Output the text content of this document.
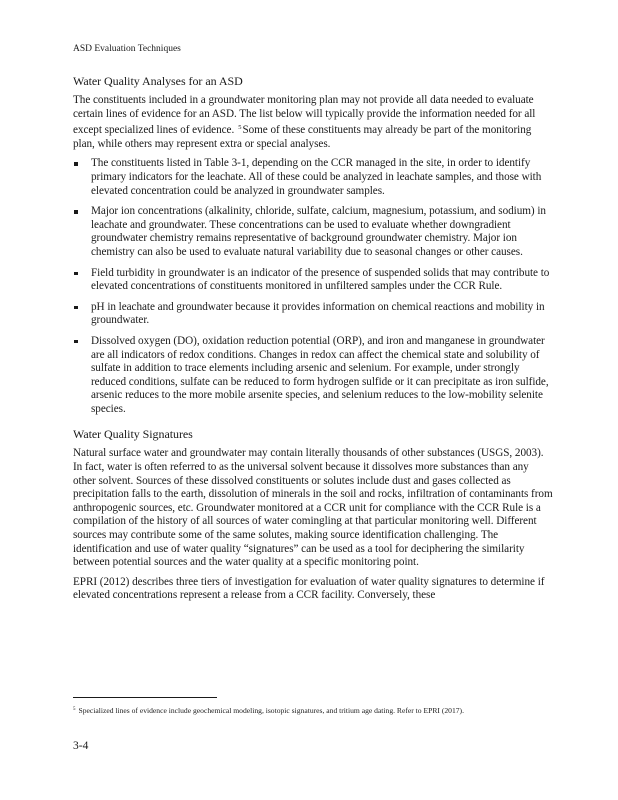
ASD Evaluation Techniques
Water Quality Analyses for an ASD

The constituents included in a groundwater monitoring plan may not provide all data needed to evaluate certain lines of evidence for an ASD. The list below will typically provide the information needed for all except specialized lines of evidence. $^5$Some of these constituents may already be part of the monitoring plan, while others may represent extra or special analyses.

The constituents listed in Table 3-1, depending on the CCR managed in the site, in order to identify primary indicators for the leachate. All of these could be analyzed in leachate samples, and those with elevated concentration could be analyzed in groundwater samples.
Major ion concentrations (alkalinity, chloride, sulfate, calcium, magnesium, potassium, and sodium) in leachate and groundwater. These concentrations can be used to evaluate whether downgradient groundwater chemistry remains representative of background groundwater chemistry. Major ion chemistry can also be used to evaluate natural variability due to seasonal changes or other causes.
Field turbidity in groundwater is an indicator of the presence of suspended solids that may contribute to elevated concentrations of constituents monitored in unfiltered samples under the CCR Rule.
pH in leachate and groundwater because it provides information on chemical reactions and mobility in groundwater.
Dissolved oxygen (DO), oxidation reduction potential (ORP), and iron and manganese in groundwater are all indicators of redox conditions. Changes in redox can affect the chemical state and solubility of sulfate in addition to trace elements including arsenic and selenium. For example, under strongly reduced conditions, sulfate can be reduced to form hydrogen sulfide or it can precipitate as iron sulfide, arsenic reduces to the more mobile arsenite species, and selenium reduces to the low-mobility selenite species.
Water Quality Signatures

Natural surface water and groundwater may contain literally thousands of other substances (USGS, 2003). In fact, water is often referred to as the universal solvent because it dissolves more substances than any other solvent. Sources of these dissolved constituents or solutes include dust and gases collected as precipitation falls to the earth, dissolution of minerals in the soil and rocks, infiltration of contaminants from anthropogenic sources, etc. Groundwater monitored at a CCR unit for compliance with the CCR Rule is a compilation of the history of all sources of water comingling at that particular monitoring well. Different sources may contribute some of the same solutes, making source identification challenging. The identification and use of water quality “signatures” can be used as a tool for deciphering the similarity between potential sources and the water quality at a specific monitoring point.

EPRI (2012) describes three tiers of investigation for evaluation of water quality signatures to determine if elevated concentrations represent a release from a CCR facility. Conversely, these

$^5$ Specialized lines of evidence include geochemical modeling, isotopic signatures, and tritium age dating. Refer to EPRI (2017).
3-4
